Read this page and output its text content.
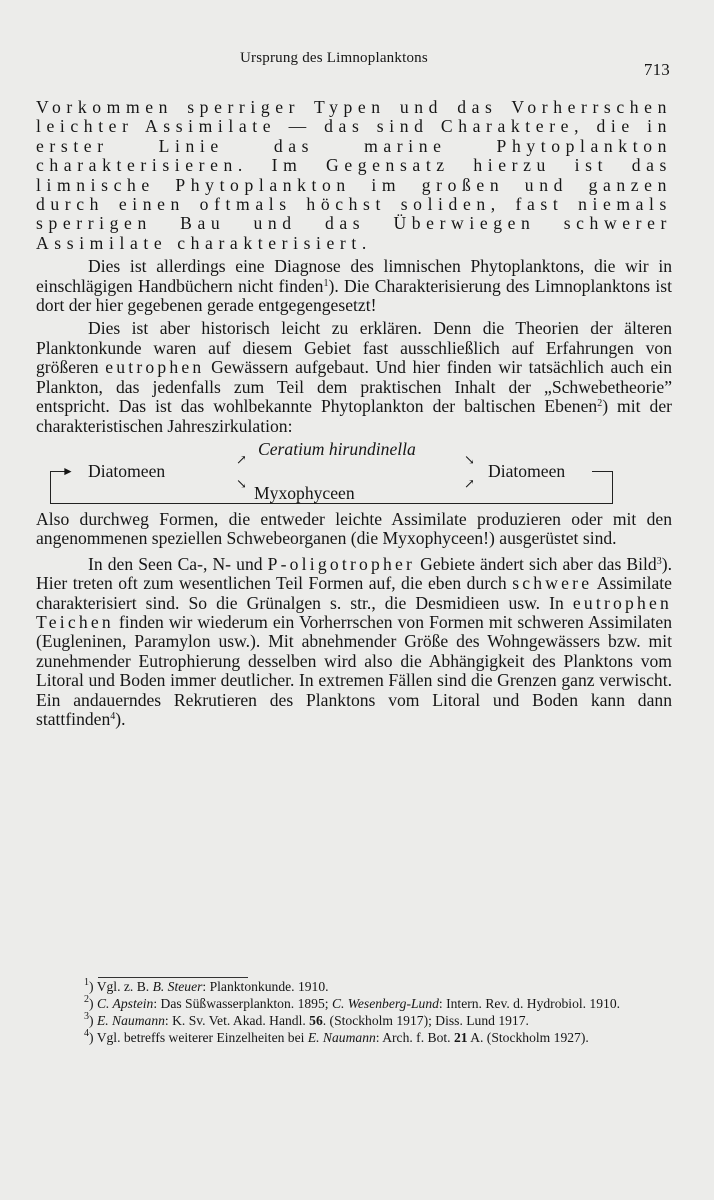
Ursprung des Limnoplanktons
713

Vorkommen sperriger Typen und das Vorherrschen leichter Assimilate — das sind Charaktere, die in erster Linie das marine Phytoplankton charakterisieren. Im Gegensatz hierzu ist das limnische Phytoplankton im großen und ganzen durch einen oftmals höchst soliden, fast niemals sperrigen Bau und das Überwiegen schwerer Assimilate charakterisiert.

Dies ist allerdings eine Diagnose des limnischen Phytoplanktons, die wir in einschlägigen Handbüchern nicht finden$^1$). Die Charakterisierung des Limnoplanktons ist dort der hier gegebenen gerade entgegengesetzt!

Dies ist aber historisch leicht zu erklären. Denn die Theorien der älteren Planktonkunde waren auf diesem Gebiet fast ausschließlich auf Erfahrungen von größeren eutrophen Gewässern aufgebaut. Und hier finden wir tatsächlich auch ein Plankton, das jedenfalls zum Teil dem praktischen Inhalt der „Schwebetheorie” entspricht. Das ist das wohlbekannte Phytoplankton der baltischen Ebenen$^2$) mit der charakteristischen Jahreszirkulation:

► Diatomeen
↗
↘
Ceratium hirundinella
Myxophyceen
↘
↗
Diatomeen

Also durchweg Formen, die entweder leichte Assimilate produzieren oder mit den angenommenen speziellen Schwebeorganen (die Myxophyceen!) ausgerüstet sind.

In den Seen Ca-, N- und P-oligotropher Gebiete ändert sich aber das Bild$^3$). Hier treten oft zum wesentlichen Teil Formen auf, die eben durch schwere Assimilate charakterisiert sind. So die Grünalgen s. str., die Desmidieen usw. In eutrophen Teichen finden wir wiederum ein Vorherrschen von Formen mit schweren Assimilaten (Eugleninen, Paramylon usw.). Mit abnehmender Größe des Wohngewässers bzw. mit zunehmender Eutrophierung desselben wird also die Abhängigkeit des Planktons vom Litoral und Boden immer deutlicher. In extremen Fällen sind die Grenzen ganz verwischt. Ein andauerndes Rekrutieren des Planktons vom Litoral und Boden kann dann stattfinden$^4$).

$^1$) Vgl. z. B. B. Steuer: Planktonkunde. 1910.

$^2$) C. Apstein: Das Süßwasserplankton. 1895; C. Wesenberg-Lund: Intern. Rev. d. Hydrobiol. 1910.

$^3$) E. Naumann: K. Sv. Vet. Akad. Handl. 56. (Stockholm 1917); Diss. Lund 1917.

$^4$) Vgl. betreffs weiterer Einzelheiten bei E. Naumann: Arch. f. Bot. 21 A. (Stockholm 1927).
